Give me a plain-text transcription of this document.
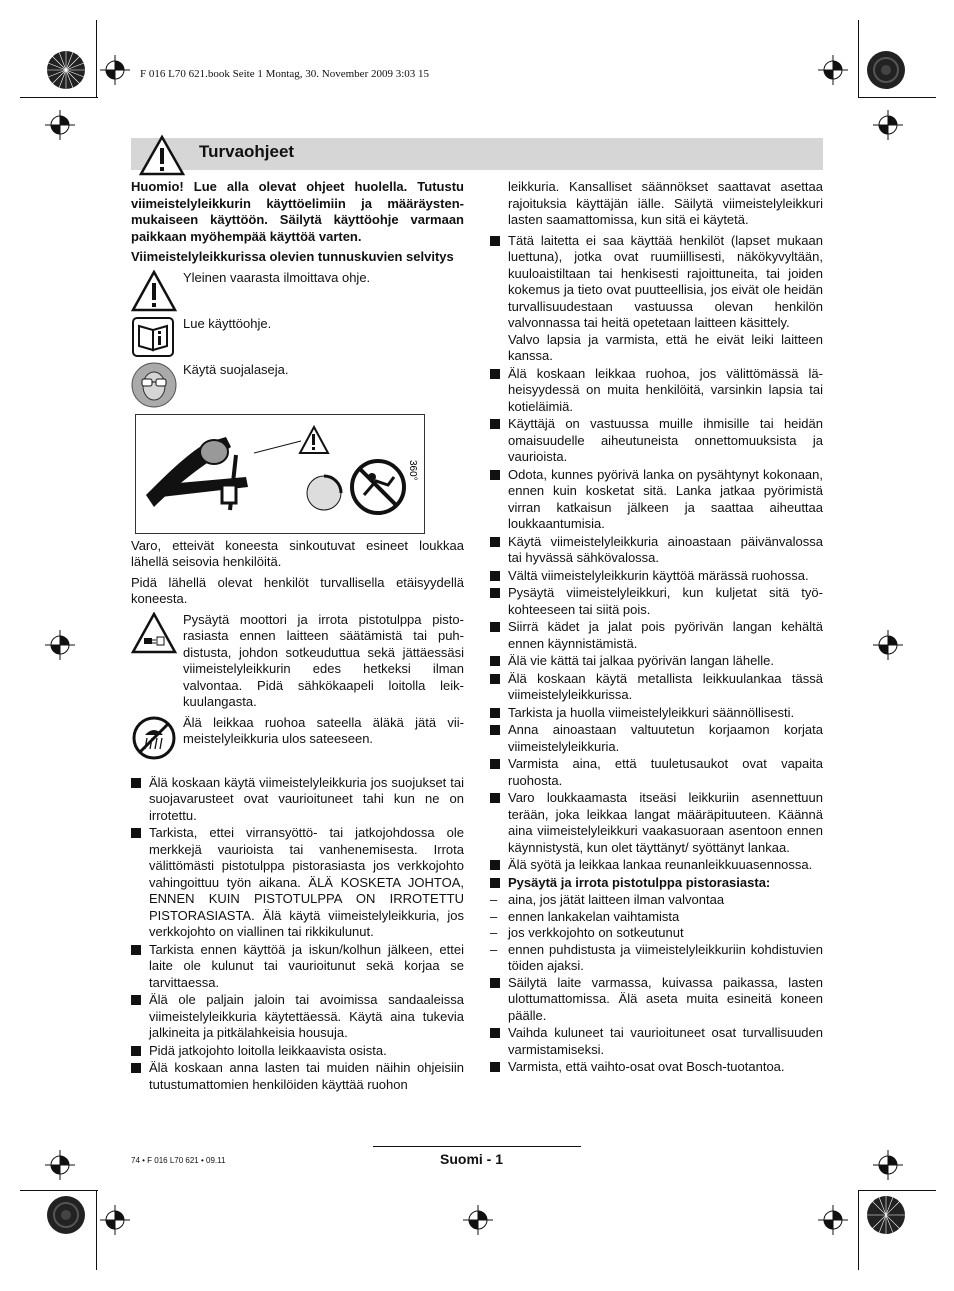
F 016 L70 621.book Seite 1 Montag, 30. November 2009 3:03 15
Turvaohjeet

Huomio! Lue alla olevat ohjeet huolella. Tutustu viimeistelyleikkurin käyttöelimiin ja määräystenmukaiseen käyttöön. Säilytä käyttöohje varmaan paikkaan myöhempää käyttöä varten.

Viimeistelyleikkurissa olevien tunnuskuvien selvitys

Yleinen vaarasta ilmoittava ohje.
Lue käyttöohje.
Käytä suojalaseja.
360°

Varo, etteivät koneesta sinkoutuvat esineet loukkaa lähellä seisovia henkilöitä.

Pidä lähellä olevat henkilöt turvallisella etäisyydellä koneesta.

Pysäytä moottori ja irrota pistotulppa pistorasiasta ennen laitteen säätämistä tai puhdistusta, johdon sotkeuduttua sekä jättäessäsi viimeistelyleikkurin edes hetkeksi ilman valvontaa. Pidä sähkökaapeli loitolla leikkuulangasta.
Älä leikkaa ruohoa sateella äläkä jätä viimeistelyleikkuria ulos sateeseen.
Älä koskaan käytä viimeistelyleikkuria jos suojukset tai suojavarusteet ovat vaurioituneet tahi kun ne on irrotettu.
Tarkista, ettei virransyöttö- tai jatkojohdossa ole merkkejä vaurioista tai vanhenemisesta. Irrota välittömästi pistotulppa pistorasiasta jos verkkojohto vahingoittuu työn aikana. ÄLÄ KOSKETA JOHTOA, ENNEN KUIN PISTOTULPPA ON IRROTETTU PISTORASIASTA. Älä käytä viimeistelyleikkuria, jos verkkojohto on viallinen tai rikkikulunut.
Tarkista ennen käyttöä ja iskun/kolhun jälkeen, ettei laite ole kulunut tai vaurioitunut sekä korjaa se tarvittaessa.
Älä ole paljain jaloin tai avoimissa sandaaleissa viimeistelyleikkuria käytettäessä. Käytä aina tukevia jalkineita ja pitkälahkeisia housuja.
Pidä jatkojohto loitolla leikkaavista osista.
Älä koskaan anna lasten tai muiden näihin ohjeisiin tutustumattomien henkilöiden käyttää ruohon

leikkuria. Kansalliset säännökset saattavat asettaa rajoituksia käyttäjän iälle. Säilytä viimeistelyleikkuri lasten saamattomissa, kun sitä ei käytetä.

Tätä laitetta ei saa käyttää henkilöt (lapset mukaan luettuna), jotka ovat ruumiillisesti, näkökyvyltään, kuuloaistiltaan tai henkisesti rajoittuneita, tai joiden kokemus ja tieto ovat puutteellisia, jos eivät ole heidän turvallisuudestaan vastuussa olevan henkilön valvonnassa tai heitä opetetaan laitteen käsittely.
Valvo lapsia ja varmista, että he eivät leiki laitteen kanssa.
Älä koskaan leikkaa ruohoa, jos välittömässä läheisyydessä on muita henkilöitä, varsinkin lapsia tai kotieläimiä.
Käyttäjä on vastuussa muille ihmisille tai heidän omaisuudelle aiheutuneista onnettomuuksista ja vaurioista.
Odota, kunnes pyörivä lanka on pysähtynyt kokonaan, ennen kuin kosketat sitä. Lanka jatkaa pyörimistä virran katkaisun jälkeen ja saattaa aiheuttaa loukkaantumisia.
Käytä viimeistelyleikkuria ainoastaan päivänvalossa tai hyvässä sähkövalossa.
Vältä viimeistelyleikkurin käyttöä märässä ruohossa.
Pysäytä viimeistelyleikkuri, kun kuljetat sitä työkohteeseen tai siitä pois.
Siirrä kädet ja jalat pois pyörivän langan kehältä ennen käynnistämistä.
Älä vie kättä tai jalkaa pyörivän langan lähelle.
Älä koskaan käytä metallista leikkuulankaa tässä viimeistelyleikkurissa.
Tarkista ja huolla viimeistelyleikkuri säännöllisesti.
Anna ainoastaan valtuutetun korjaamon korjata viimeistelyleikkuria.
Varmista aina, että tuuletusaukot ovat vapaita ruohosta.
Varo loukkaamasta itseäsi leikkuriin asennettuun terään, joka leikkaa langat määräpituuteen. Käännä aina viimeistelyleikkuri vaakasuoraan asentoon ennen käynnistystä, kun olet täyttänyt/ syöttänyt lankaa.
Älä syötä ja leikkaa lankaa reunanleikkuuasennossa.
Pysäytä ja irrota pistotulppa pistorasiasta:
– aina, jos jätät laitteen ilman valvontaa
– ennen lankakelan vaihtamista
– jos verkkojohto on sotkeutunut
– ennen puhdistusta ja viimeistelyleikkuriin kohdistuvien töiden ajaksi.
Säilytä laite varmassa, kuivassa paikassa, lasten ulottumattomissa. Älä aseta muita esineitä koneen päälle.
Vaihda kuluneet tai vaurioituneet osat turvallisuuden varmistamiseksi.
Varmista, että vaihto-osat ovat Bosch-tuotantoa.
74 • F 016 L70 621 • 09.11	Suomi - 1
